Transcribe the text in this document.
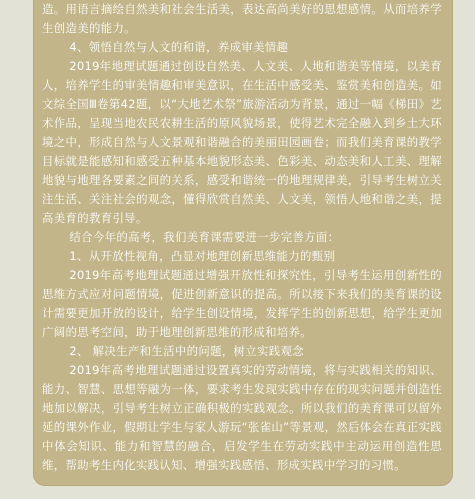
造。用语言摘绘自然美和社会生活美，表达高尚美好的思想感情。从而培养学生创造美的能力。

4、领悟自然与人文的和谐，养成审美情趣

2019年地理试题通过创设自然美、人文美、人地和谐美等情境，以美育人，培养学生的审美情趣和审美意识，在生活中感受美、鉴赏美和创造美。如文综全国Ⅲ卷第42题，以“大地艺术祭”旅游活动为背景，通过一幅《梯田》艺术作品，呈现当地农民农耕生活的原风貌场景，使得艺术完全融入到乡土大环境之中，形成自然与人文景观和谐融合的美丽田园画卷；而我们美育课的教学目标就是能感知和感受五种基本地貌形态美、色彩美、动态美和人工美、理解地貌与地理各要素之间的关系，感受和谐统一的地理规律美，引导考生树立关注生活、关注社会的观念，懂得欣赏自然美、人文美，领悟人地和谐之美，提高美育的教育引导。

结合今年的高考，我们美育课需要进一步完善方面：

1、从开放性视角，凸显对地理创新思维能力的甄别

2019年高考地理试题通过增强开放性和探究性，引导考生运用创新性的思维方式应对问题情境，促进创新意识的提高。所以接下来我们的美育课的设计需要更加开放的设计，给学生创设情境，发挥学生的创新思想，给学生更加广阔的思考空间，助于地理创新思维的形成和培养。

2、 解决生产和生活中的问题，树立实践观念

2019年高考地理试题通过设置真实的劳动情境，将与实践相关的知识、能力、智慧、思想等融为一体，要求考生发现实践中存在的现实问题并创造性地加以解决，引导考生树立正确积极的实践观念。所以我们的美育课可以留外延的课外作业，假期让学生与家人游玩“张雀山”等景观，然后体会在真正实践中体会知识、能力和智慧的融合，启发学生在劳动实践中主动运用创造性思维，帮助考生内化实践认知、增强实践感悟、形成实践中学习的习惯。
